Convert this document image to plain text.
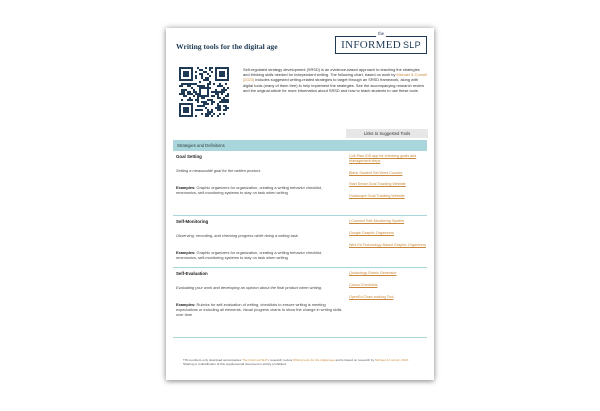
Writing tools for the digital age
the
INFORMED SLP

Self-regulated strategy development (SRSD) is an evidence-based approach to teaching the strategies and thinking skills needed for independent writing. The following chart, based on work by Michael & Cornell (2023) includes suggested writing-related strategies to target through an SRSD framework, along with digital tools (many of them free) to help implement the strategies. See the accompanying research review and the original article for more information about SRSD and how to teach students to use these tools.

Links to Suggested Tools
Strategies and Definitions
Goal Setting
Setting a measurable goal for the written product.
Examples: Graphic organizers for organization, creating a writing behavior checklist, mnemonics, self-monitoring systems to stay on task when writing
Coll-Plan iOS app for checking goals and management steps
Blank Student Set Word Counter
Start Smart Goal Tracking Website
Goalscape Goal Tracking Website
Self-Monitoring
Observing, recording, and checking progress while doing a writing task.
Examples: Graphic organizers for organization, creating a writing behavior checklist, mnemonics, self-monitoring systems to stay on task when writing
I-Connect Self-Monitoring System
Google Graphic Organizers
Wes Ed Technology Based Graphic Organizers
Self-Evaluation
Evaluating your work and developing an opinion about the final product when writing.
Examples: Rubrics for self-evaluation of writing, checklists to ensure writing is meeting expectations or including all elements, visual progress charts to show the change in writing skills over time
Quickology Rubric Generator
Canva Checklists
OpenEd Chart-making Tool

TIS members only download accompanies The Informed SLP's research review Writing tools for the digital age and is based on research by Michael & Cornell, 2023. Sharing or redistribution of this supplemental document is strictly prohibited.
